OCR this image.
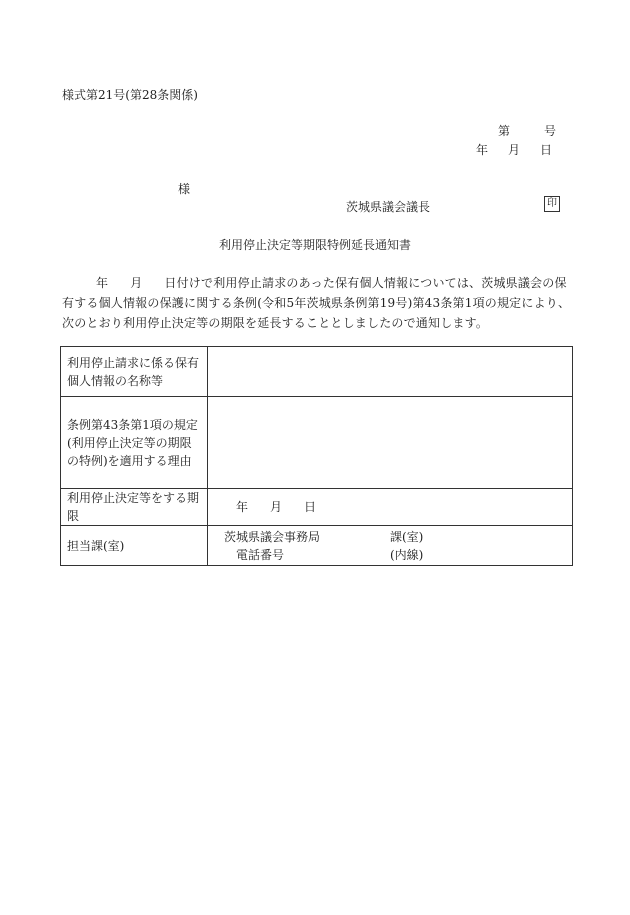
様式第21号(第28条関係)
第	号
年 月 日
様
茨城県議会議長	印
利用停止決定等期限特例延長通知書
年 月 日付けで利用停止請求のあった保有個人情報については、茨城県議会の保有する個人情報の保護に関する条例(令和5年茨城県条例第19号)第43条第1項の規定により、次のとおり利用停止決定等の期限を延長することとしましたので通知します。
利用停止請求に係る保有個人情報の名称等	
条例第43条第1項の規定(利用停止決定等の期限の特例)を適用する理由	
利用停止決定等をする期限	年 月 日
担当課(室)	茨城県議会事務局 課(室)
電話番号 (内線)
